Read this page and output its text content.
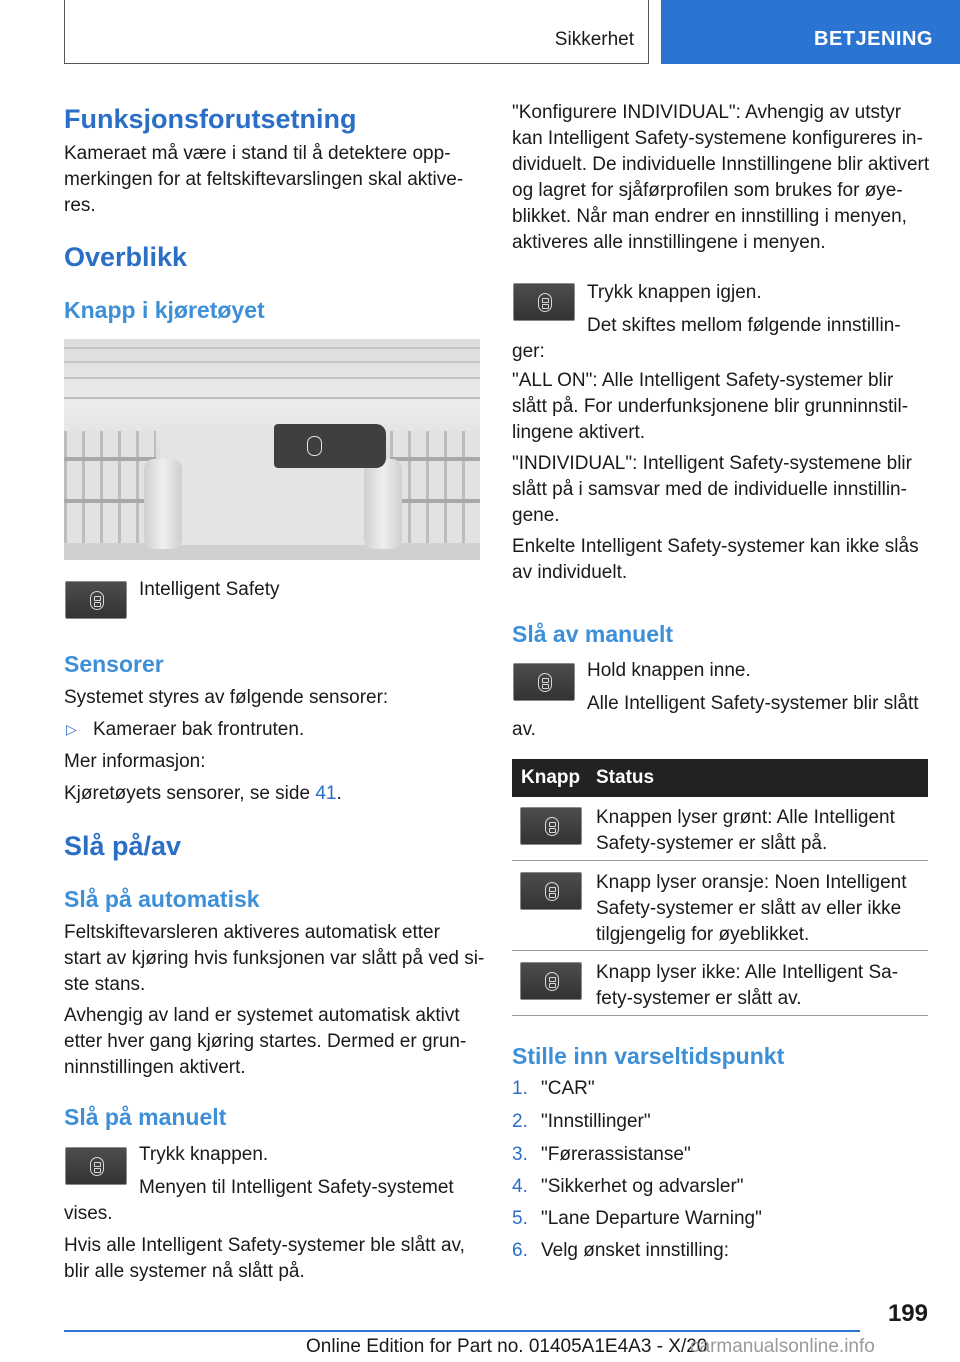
Sikkerhet	BETJENING
Funksjonsforutsetning
Kameraet må være i stand til å detektere opp-
merkingen for at feltskiftevarslingen skal aktive-
res.
Overblikk
Knapp i kjøretøyet
Intelligent Safety
Sensorer
Systemet styres av følgende sensorer:
▷ Kameraer bak frontruten.
Mer informasjon:
Kjøretøyets sensorer, se side 41.
Slå på/av
Slå på automatisk
Feltskiftevarsleren aktiveres automatisk etter
start av kjøring hvis funksjonen var slått på ved si-
ste stans.
Avhengig av land er systemet automatisk aktivt
etter hver gang kjøring startes. Dermed er grun-
ninnstillingen aktivert.
Slå på manuelt
Trykk knappen.
Menyen til Intelligent Safety-systemet
vises.
Hvis alle Intelligent Safety-systemer ble slått av,
blir alle systemer nå slått på.
"Konfigurere INDIVIDUAL": Avhengig av utstyr
kan Intelligent Safety-systemene konfigureres in-
dividuelt. De individuelle Innstillingene blir aktivert
og lagret for sjåførprofilen som brukes for øye-
blikket. Når man endrer en innstilling i menyen,
aktiveres alle innstillingene i menyen.
Trykk knappen igjen.
Det skiftes mellom følgende innstillin-
ger:
"ALL ON": Alle Intelligent Safety-systemer blir
slått på. For underfunksjonene blir grunninnstil-
lingene aktivert.
"INDIVIDUAL": Intelligent Safety-systemene blir
slått på i samsvar med de individuelle innstillin-
gene.
Enkelte Intelligent Safety-systemer kan ikke slås
av individuelt.
Slå av manuelt
Hold knappen inne.
Alle Intelligent Safety-systemer blir slått
av.
Knapp Status
Knappen lyser grønt: Alle Intelligent
Safety-systemer er slått på.
Knapp lyser oransje: Noen Intelligent
Safety-systemer er slått av eller ikke
tilgjengelig for øyeblikket.
Knapp lyser ikke: Alle Intelligent Sa-
fety-systemer er slått av.
Stille inn varseltidspunkt
1. "CAR"
2. "Innstillinger"
3. "Førerassistanse"
4. "Sikkerhet og advarsler"
5. "Lane Departure Warning"
6. Velg ønsket innstilling:
199
Online Edition for Part no. 01405A1E4A3 - X/20
carmanualsonline.info
